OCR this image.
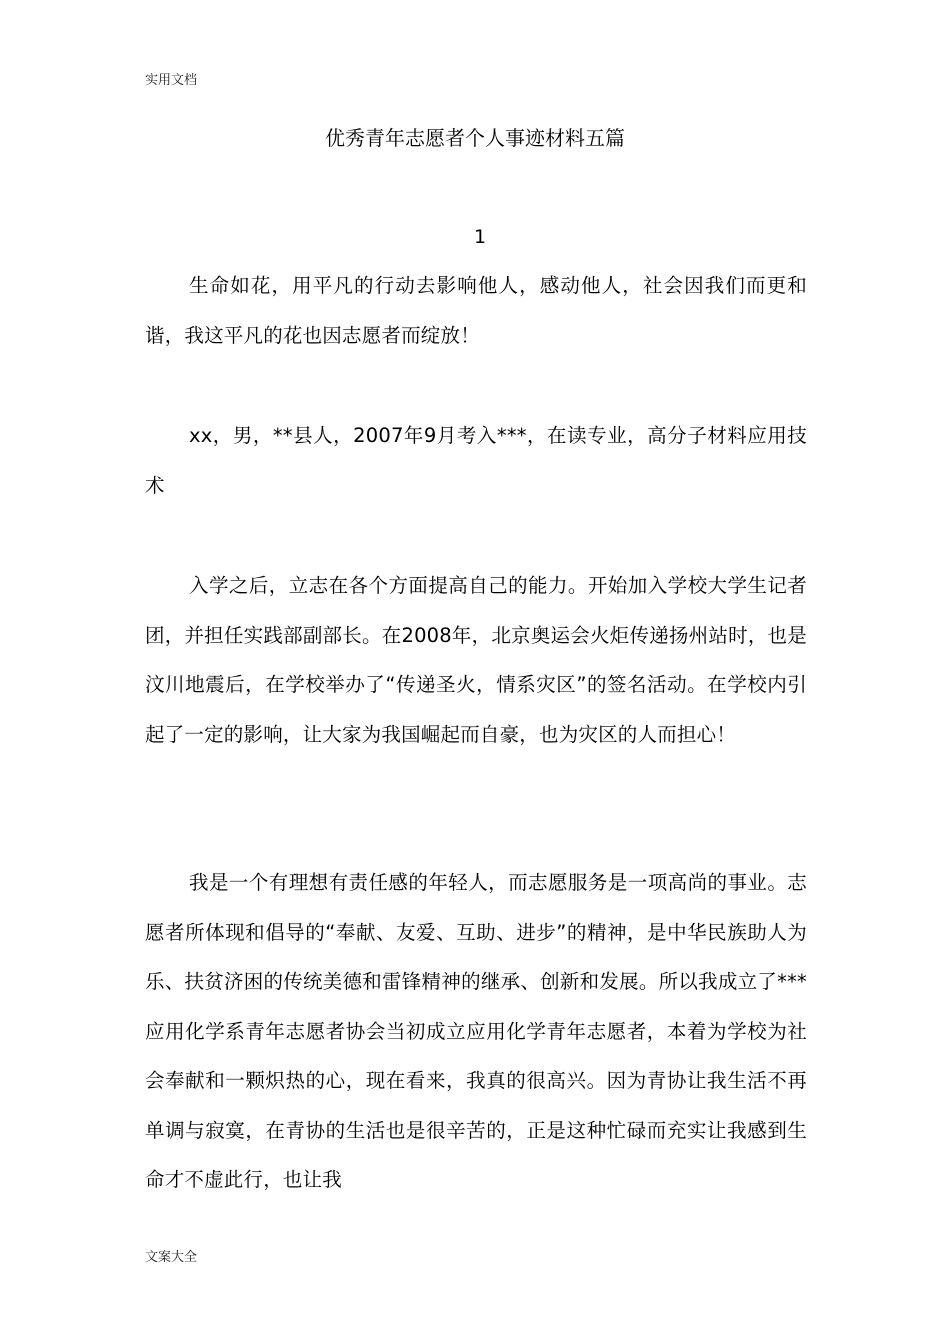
实用文档
优秀青年志愿者个人事迹材料五篇
1

生命如花，用平凡的行动去影响他人，感动他人，社会因我们而更和谐，我这平凡的花也因志愿者而绽放！

xx，男，**县人，2007年9月考入***，在读专业，高分子材料应用技术

入学之后，立志在各个方面提高自己的能力。开始加入学校大学生记者团，并担任实践部副部长。在2008年，北京奥运会火炬传递扬州站时，也是汶川地震后，在学校举办了“传递圣火，情系灾区”的签名活动。在学校内引起了一定的影响，让大家为我国崛起而自豪，也为灾区的人而担心！

我是一个有理想有责任感的年轻人，而志愿服务是一项高尚的事业。志愿者所体现和倡导的“奉献、友爱、互助、进步”的精神，是中华民族助人为乐、扶贫济困的传统美德和雷锋精神的继承、创新和发展。所以我成立了***应用化学系青年志愿者协会当初成立应用化学青年志愿者，本着为学校为社会奉献和一颗炽热的心，现在看来，我真的很高兴。因为青协让我生活不再单调与寂寞，在青协的生活也是很辛苦的，正是这种忙碌而充实让我感到生命才不虚此行，也让我

文案大全
